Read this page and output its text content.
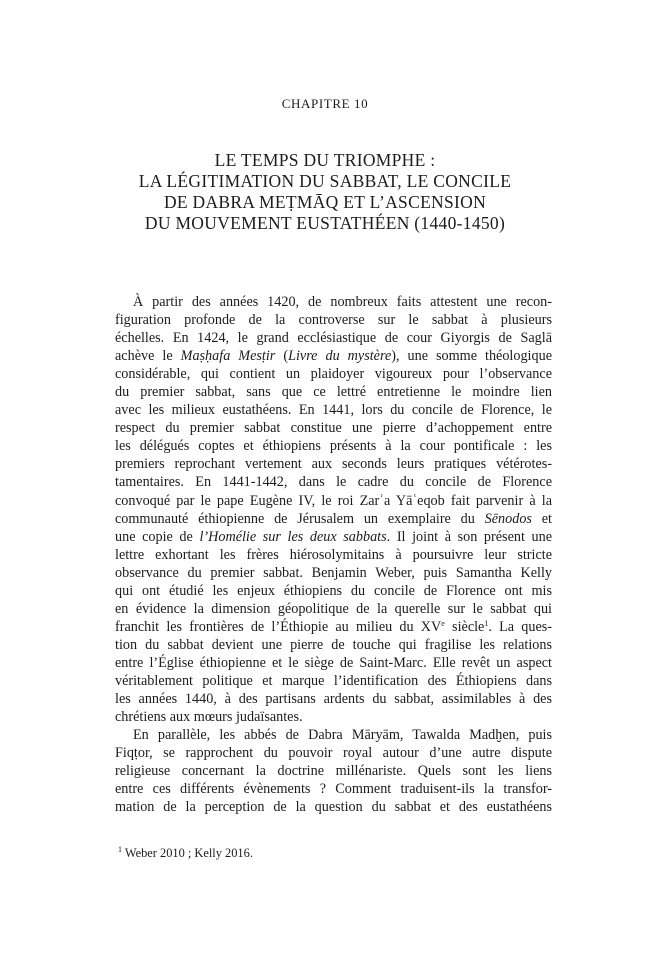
CHAPITRE 10
LE TEMPS DU TRIOMPHE :
LA LÉGITIMATION DU SABBAT, LE CONCILE
DE DABRA MEṬMĀQ ET L’ASCENSION
DU MOUVEMENT EUSTATHÉEN (1440-1450)
À partir des années 1420, de nombreux faits attestent une recon-
figuration profonde de la controverse sur le sabbat à plusieurs
échelles. En 1424, le grand ecclésiastique de cour Giyorgis de Saglā
achève le Maṣḥafa Mesṭir (Livre du mystère), une somme théologique
considérable, qui contient un plaidoyer vigoureux pour l’observance
du premier sabbat, sans que ce lettré entretienne le moindre lien
avec les milieux eustathéens. En 1441, lors du concile de Florence, le
respect du premier sabbat constitue une pierre d’achoppement entre
les délégués coptes et éthiopiens présents à la cour pontificale : les
premiers reprochant vertement aux seconds leurs pratiques vétérotes-
tamentaires. En 1441-1442, dans le cadre du concile de Florence
convoqué par le pape Eugène IV, le roi Zarʾa Yāʿeqob fait parvenir à la
communauté éthiopienne de Jérusalem un exemplaire du Sēnodos et
une copie de l’Homélie sur les deux sabbats. Il joint à son présent une
lettre exhortant les frères hiérosolymitains à poursuivre leur stricte
observance du premier sabbat. Benjamin Weber, puis Samantha Kelly
qui ont étudié les enjeux éthiopiens du concile de Florence ont mis
en évidence la dimension géopolitique de la querelle sur le sabbat qui
franchit les frontières de l’Éthiopie au milieu du XVe siècle$^1$. La ques-
tion du sabbat devient une pierre de touche qui fragilise les relations
entre l’Église éthiopienne et le siège de Saint-Marc. Elle revêt un aspect
véritablement politique et marque l’identification des Éthiopiens dans
les années 1440, à des partisans ardents du sabbat, assimilables à des
chrétiens aux mœurs judaïsantes.
En parallèle, les abbés de Dabra Māryām, Tawalda Madḫen, puis
Fiqṭor, se rapprochent du pouvoir royal autour d’une autre dispute
religieuse concernant la doctrine millénariste. Quels sont les liens
entre ces différents évènements ? Comment traduisent-ils la transfor-
mation de la perception de la question du sabbat et des eustathéens
$^1$ Weber 2010 ; Kelly 2016.
